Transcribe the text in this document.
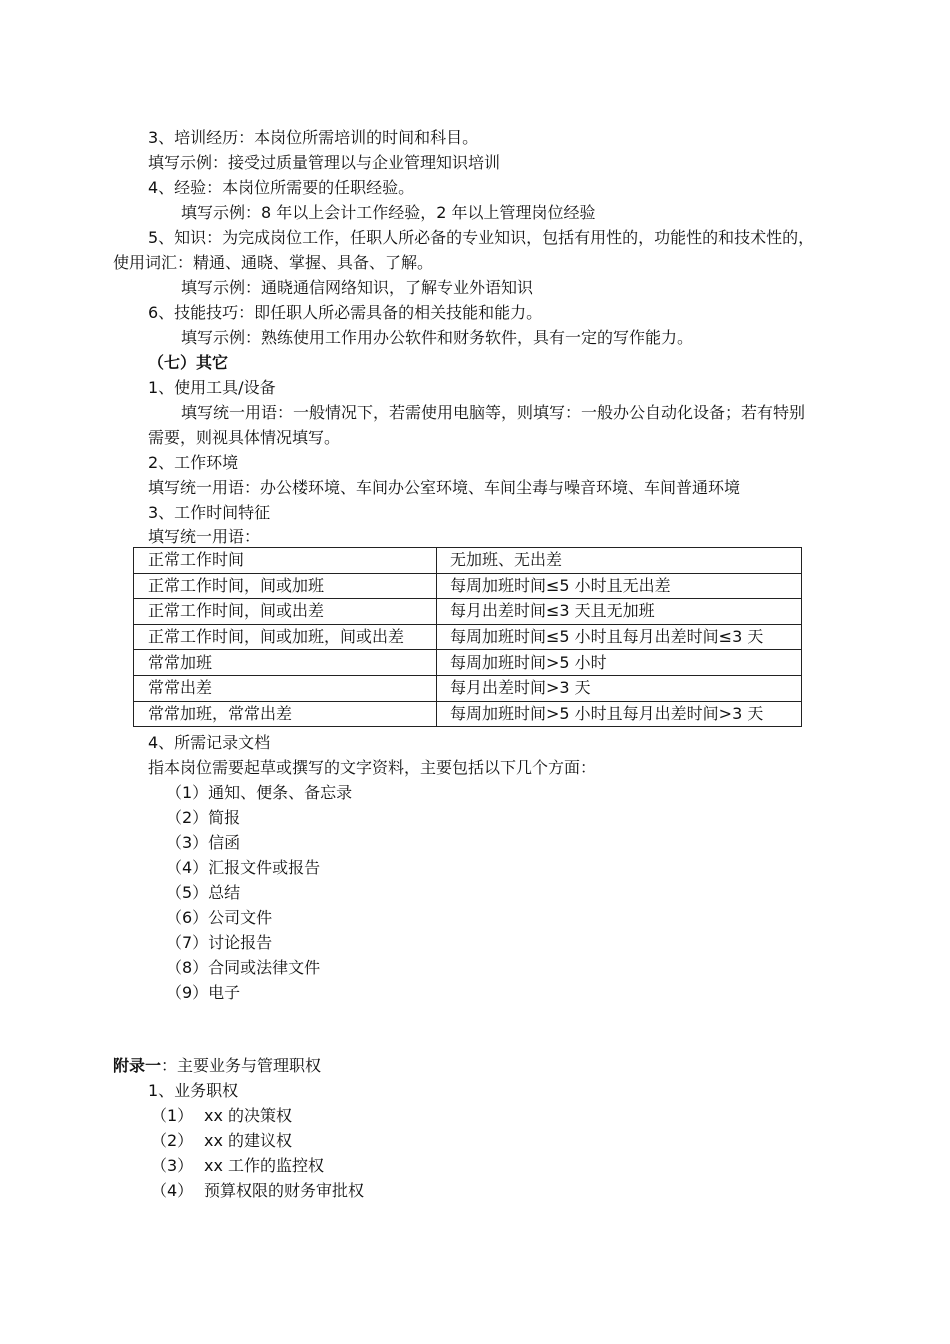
3、培训经历：本岗位所需培训的时间和科目。
填写示例：接受过质量管理以与企业管理知识培训
4、经验：本岗位所需要的任职经验。
填写示例：8 年以上会计工作经验，2 年以上管理岗位经验
5、知识：为完成岗位工作，任职人所必备的专业知识，包括有用性的，功能性的和技术性的，
使用词汇：精通、通晓、掌握、具备、了解。
填写示例：通晓通信网络知识，了解专业外语知识
6、技能技巧：即任职人所必需具备的相关技能和能力。
填写示例：熟练使用工作用办公软件和财务软件，具有一定的写作能力。
（七）其它
1、使用工具/设备
填写统一用语：一般情况下，若需使用电脑等，则填写：一般办公自动化设备；若有特别
需要，则视具体情况填写。
2、工作环境
填写统一用语：办公楼环境、车间办公室环境、车间尘毒与噪音环境、车间普通环境
3、工作时间特征
填写统一用语：
正常工作时间	无加班、无出差
正常工作时间，间或加班	每周加班时间≤5 小时且无出差
正常工作时间，间或出差	每月出差时间≤3 天且无加班
正常工作时间，间或加班，间或出差	每周加班时间≤5 小时且每月出差时间≤3 天
常常加班	每周加班时间>5 小时
常常出差	每月出差时间>3 天
常常加班，常常出差	每周加班时间>5 小时且每月出差时间>3 天
4、所需记录文档
指本岗位需要起草或撰写的文字资料，主要包括以下几个方面：
（1）通知、便条、备忘录
（2）简报
（3）信函
（4）汇报文件或报告
（5）总结
（6）公司文件
（7）讨论报告
（8）合同或法律文件
（9）电子
附录一：主要业务与管理职权
1、业务职权
（1） xx 的决策权
（2） xx 的建议权
（3） xx 工作的监控权
（4） 预算权限的财务审批权
